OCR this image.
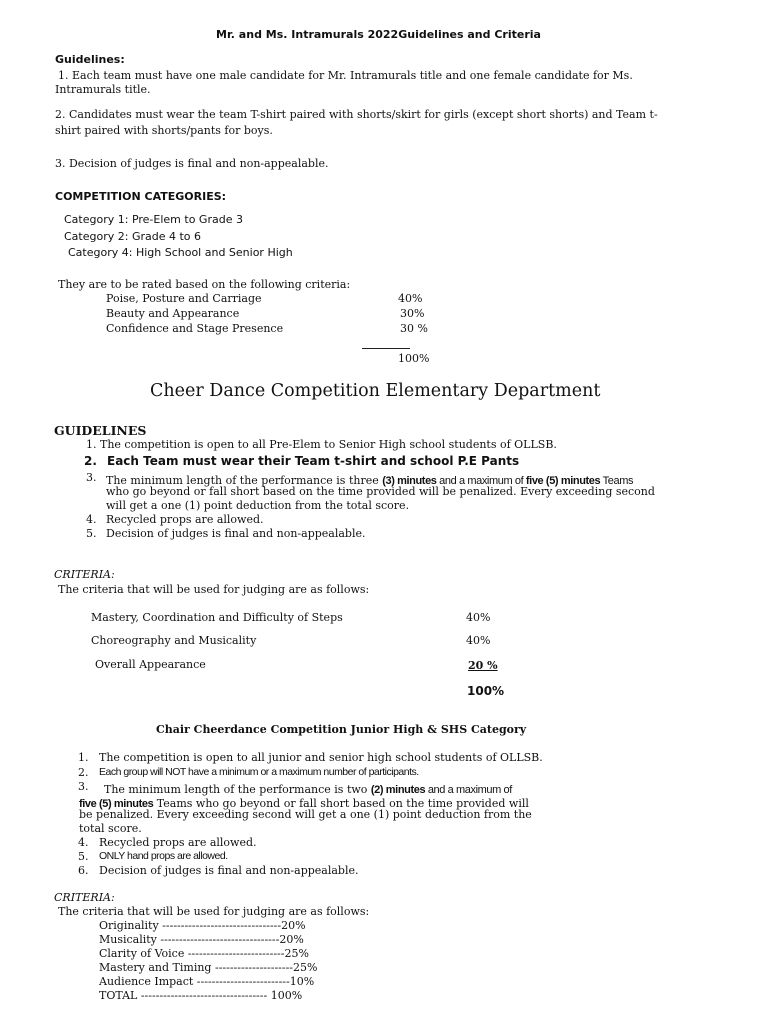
Mr. and Ms. Intramurals 2022Guidelines and Criteria
Guidelines:
1. Each team must have one male candidate for Mr. Intramurals title and one female candidate for Ms.
Intramurals title.
2. Candidates must wear the team T-shirt paired with shorts/skirt for girls (except short shorts) and Team t-
shirt paired with shorts/pants for boys.
3. Decision of judges is final and non-appealable.
COMPETITION CATEGORIES:
Category 1: Pre-Elem to Grade 3
Category 2: Grade 4 to 6
Category 4: High School and Senior High
They are to be rated based on the following criteria:
Poise, Posture and Carriage	40%
Beauty and Appearance	30%
Confidence and Stage Presence	30 %
100%
Cheer Dance Competition Elementary Department
GUIDELINES
1. The competition is open to all Pre-Elem to Senior High school students of OLLSB.
2. Each Team must wear their Team t-shirt and school P.E Pants
3. The minimum length of the performance is three (3) minutes and a maximum of five (5) minutes Teams
who go beyond or fall short based on the time provided will be penalized. Every exceeding second
will get a one (1) point deduction from the total score.
4. Recycled props are allowed.
5. Decision of judges is final and non-appealable.
CRITERIA:
The criteria that will be used for judging are as follows:
Mastery, Coordination and Difficulty of Steps	40%
Choreography and Musicality	40%
Overall Appearance	20 %
100%
Chair Cheerdance Competition Junior High & SHS Category
1. The competition is open to all junior and senior high school students of OLLSB.
2. Each group will NOT have a minimum or a maximum number of participants.
3. The minimum length of the performance is two (2) minutes and a maximum of
five (5) minutes Teams who go beyond or fall short based on the time provided will
be penalized. Every exceeding second will get a one (1) point deduction from the
total score.
4. Recycled props are allowed.
5. ONLY hand props are allowed.
6. Decision of judges is final and non-appealable.
CRITERIA:
The criteria that will be used for judging are as follows:
Originality --------------------------------20%
Musicality --------------------------------20%
Clarity of Voice --------------------------25%
Mastery and Timing ---------------------25%
Audience Impact -------------------------10%
TOTAL ---------------------------------- 100%
